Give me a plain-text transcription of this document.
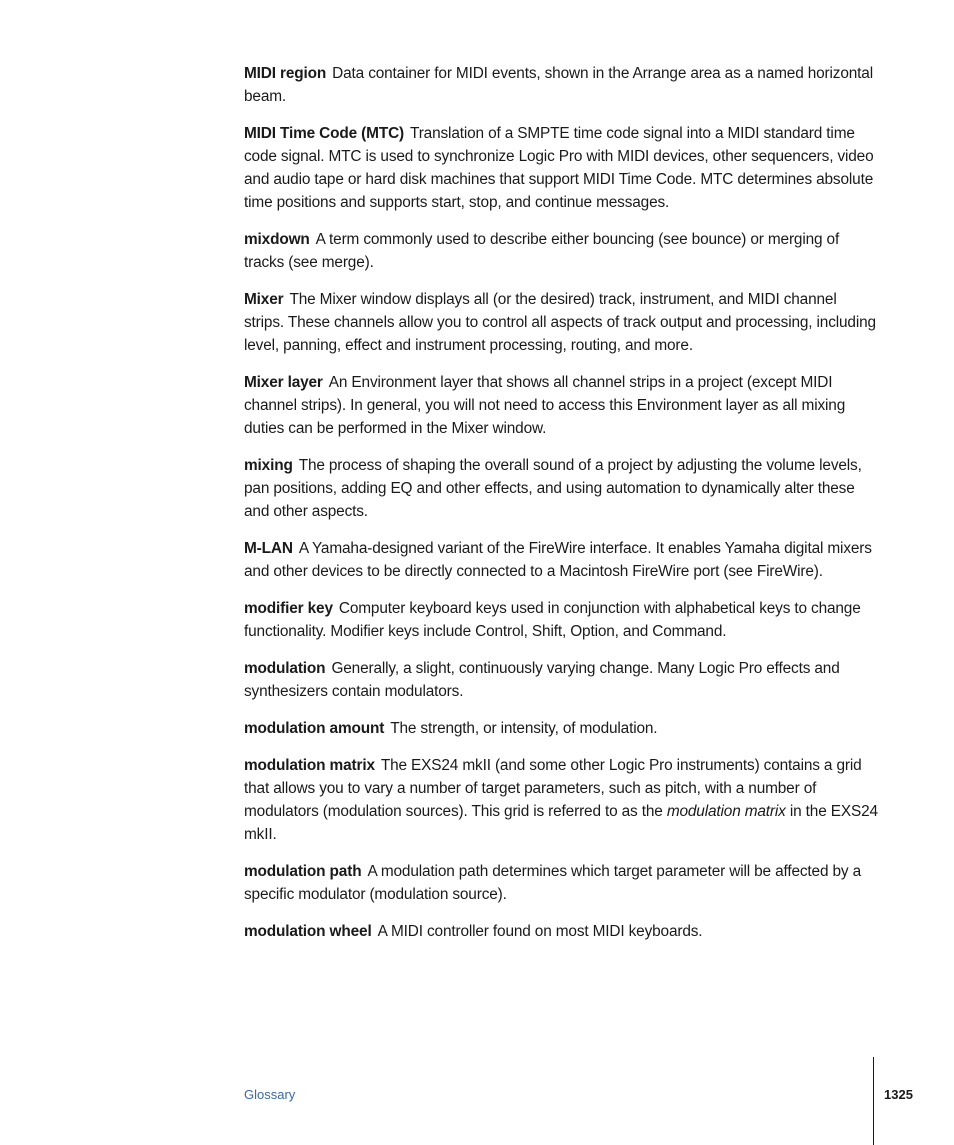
MIDI region Data container for MIDI events, shown in the Arrange area as a named horizontal beam.

MIDI Time Code (MTC) Translation of a SMPTE time code signal into a MIDI standard time code signal. MTC is used to synchronize Logic Pro with MIDI devices, other sequencers, video and audio tape or hard disk machines that support MIDI Time Code. MTC determines absolute time positions and supports start, stop, and continue messages.

mixdown A term commonly used to describe either bouncing (see bounce) or merging of tracks (see merge).

Mixer The Mixer window displays all (or the desired) track, instrument, and MIDI channel strips. These channels allow you to control all aspects of track output and processing, including level, panning, effect and instrument processing, routing, and more.

Mixer layer An Environment layer that shows all channel strips in a project (except MIDI channel strips). In general, you will not need to access this Environment layer as all mixing duties can be performed in the Mixer window.

mixing The process of shaping the overall sound of a project by adjusting the volume levels, pan positions, adding EQ and other effects, and using automation to dynamically alter these and other aspects.

M-LAN A Yamaha-designed variant of the FireWire interface. It enables Yamaha digital mixers and other devices to be directly connected to a Macintosh FireWire port (see FireWire).

modifier key Computer keyboard keys used in conjunction with alphabetical keys to change functionality. Modifier keys include Control, Shift, Option, and Command.

modulation Generally, a slight, continuously varying change. Many Logic Pro effects and synthesizers contain modulators.

modulation amount The strength, or intensity, of modulation.

modulation matrix The EXS24 mkII (and some other Logic Pro instruments) contains a grid that allows you to vary a number of target parameters, such as pitch, with a number of modulators (modulation sources). This grid is referred to as the modulation matrix in the EXS24 mkII.

modulation path A modulation path determines which target parameter will be affected by a specific modulator (modulation source).

modulation wheel A MIDI controller found on most MIDI keyboards.

Glossary	1325
